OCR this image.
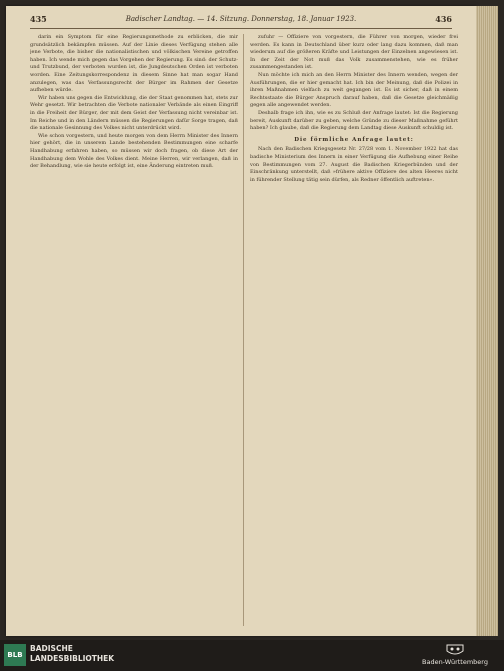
435	Badischer Landtag. — 14. Sitzung. Donnerstag, 18. Januar 1923.	436

darin ein Symptom für eine Regierungsmethode zu erblicken, die mir grundsätzlich bekämpfen müssen. Auf der Linie dieses Verfügung stehen alle jene Verbote, die bisher die nationalistischen und völkischen Vereine getroffen haben. Ich wende mich gegen das Vorgehen der Regierung. Es sind: der Schutz- und Trutzbund, der verboten wurden ist, die Jungdeutschen Orden ist verboten worden. Eine Zeitungskorrespondenz in diesem Sinne hat man sogar Hand anzulegen, was das Verfassungsrecht der Bürger im Rahmen der Gesetze aufheben würde.

Wir haben uns gegen die Entwicklung, die der Staat genommen hat, stets zur Wehr gesetzt. Wir betrachten die Verbote nationaler Verbände als einen Eingriff in die Freiheit der Bürger, der mit dem Geist der Verfassung nicht vereinbar ist. Im Reiche und in den Ländern müssen die Regierungen dafür Sorge tragen, daß die nationale Gesinnung des Volkes nicht unterdrückt wird.

Wie schon vorgestern, und heute morgen von dem Herrn Minister des Innern hier gehört, die in unserem Lande bestehenden Bestimmungen eine scharfe Handhabung erfahren haben, so müssen wir doch fragen, ob diese Art der Handhabung dem Wohle des Volkes dient. Meine Herren, wir verlangen, daß in der Behandlung, wie sie heute erfolgt ist, eine Änderung eintreten muß.

zufuhr — Offiziere von vorgestern, die Führer von morgen, wieder frei werden. Es kann in Deutschland über kurz oder lang dazu kommen, daß man wiederum auf die größeren Kräfte und Leistungen der Einzelnen angewiesen ist. In der Zeit der Not muß das Volk zusammenstehen, wie es früher zusammengestanden ist.

Nun möchte ich mich an den Herrn Minister des Innern wenden, wegen der Ausführungen, die er hier gemacht hat. Ich bin der Meinung, daß die Polizei in ihren Maßnahmen vielfach zu weit gegangen ist. Es ist sicher, daß in einem Rechtsstaate die Bürger Anspruch darauf haben, daß die Gesetze gleichmäßig gegen alle angewendet werden.

Deshalb frage ich ihn, wie es zu Schluß der Anfrage lautet: Ist die Regierung bereit, Auskunft darüber zu geben, welche Gründe zu dieser Maßnahme geführt haben? Ich glaube, daß die Regierung dem Landtag diese Auskunft schuldig ist.

Die förmliche Anfrage lautet:

Nach den Badischen Kriegsgesetz Nr. 27/28 vom 1. November 1922 hat das badische Ministerium des Innern in einer Verfügung die Aufhebung einer Reihe von Bestimmungen vom 27. August die Badischen Kriegerbünden und der Einschränkung unterstellt, daß »frühere aktive Offiziere des alten Heeres nicht in führender Stellung tätig sein dürfen, als Redner öffentlich auftreten«.

BLB
BADISCHE
LANDESBIBLIOTHEK	Baden-Württemberg
